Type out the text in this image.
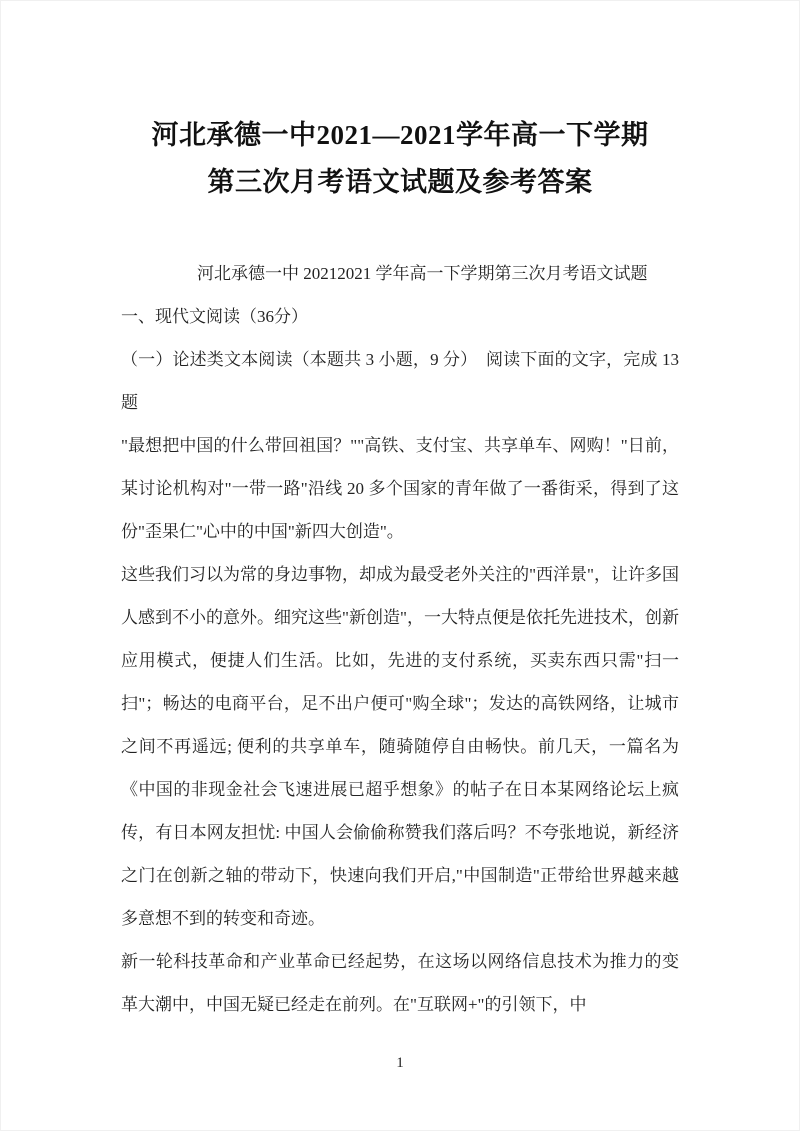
河北承德一中2021—2021学年高一下学期
第三次月考语文试题及参考答案

河北承德一中 20212021 学年高一下学期第三次月考语文试题

一、现代文阅读（36分）

（一）论述类文本阅读（本题共 3 小题，9 分）　阅读下面的文字，完成 13 题

"最想把中国的什么带回祖国？""高铁、支付宝、共享单车、网购！"日前，某讨论机构对"一带一路"沿线 20 多个国家的青年做了一番街采，得到了这份"歪果仁"心中的中国"新四大创造"。

这些我们习以为常的身边事物，却成为最受老外关注的"西洋景"，让许多国人感到不小的意外。细究这些"新创造"，一大特点便是依托先进技术，创新应用模式，便捷人们生活。比如，先进的支付系统，买卖东西只需"扫一扫"；畅达的电商平台，足不出户便可"购全球"；发达的高铁网络，让城市之间不再遥远; 便利的共享单车，随骑随停自由畅快。前几天，一篇名为《中国的非现金社会飞速进展已超乎想象》的帖子在日本某网络论坛上疯传，有日本网友担忧: 中国人会偷偷称赞我们落后吗？不夸张地说，新经济之门在创新之轴的带动下，快速向我们开启,"中国制造"正带给世界越来越多意想不到的转变和奇迹。

新一轮科技革命和产业革命已经起势，在这场以网络信息技术为推力的变革大潮中，中国无疑已经走在前列。在"互联网+"的引领下，中

1
